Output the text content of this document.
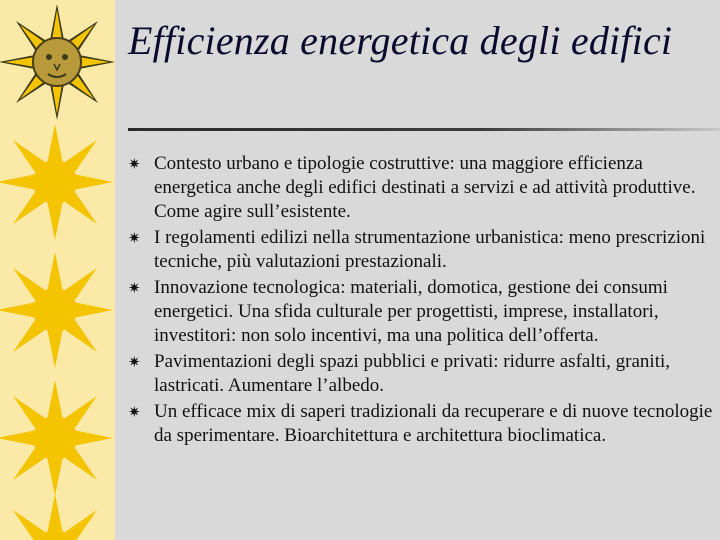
Efficienza energetica degli edifici
✷ Contesto urbano e tipologie costruttive: una maggiore efficienza energetica anche degli edifici destinati a servizi e ad attività produttive. Come agire sull’esistente.
✷ I regolamenti edilizi nella strumentazione urbanistica: meno prescrizioni tecniche, più valutazioni prestazionali.
✷ Innovazione tecnologica: materiali, domotica, gestione dei consumi energetici. Una sfida culturale per progettisti, imprese, installatori, investitori: non solo incentivi, ma una politica dell’offerta.
✷ Pavimentazioni degli spazi pubblici e privati: ridurre asfalti, graniti, lastricati. Aumentare l’albedo.
✷ Un efficace mix di saperi tradizionali da recuperare e di nuove tecnologie da sperimentare. Bioarchitettura e architettura bioclimatica.
